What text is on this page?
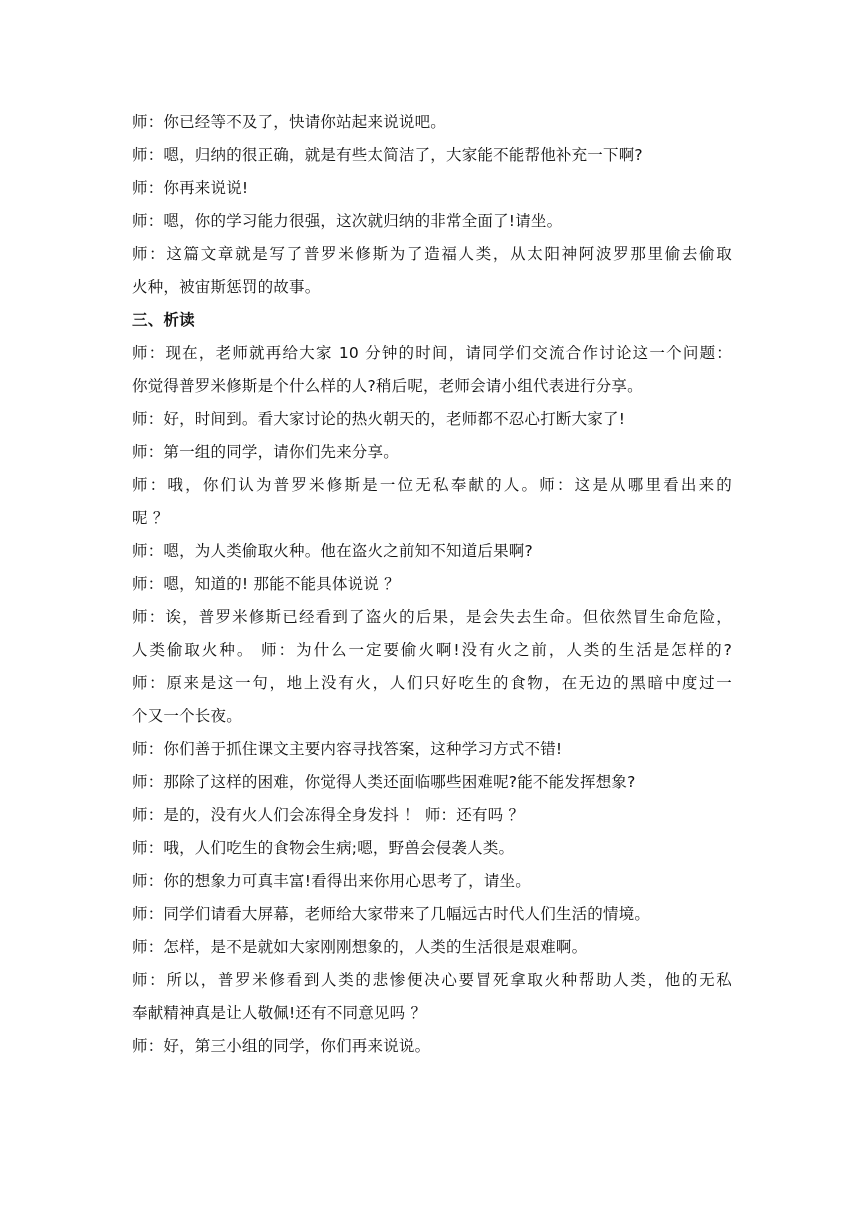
师：你已经等不及了，快请你站起来说说吧。
师：嗯，归纳的很正确，就是有些太简洁了，大家能不能帮他补充一下啊?
师：你再来说说!
师：嗯，你的学习能力很强，这次就归纳的非常全面了!请坐。
师：这篇文章就是写了普罗米修斯为了造福人类，从太阳神阿波罗那里偷去偷取
火种，被宙斯惩罚的故事。
三、析读
师：现在，老师就再给大家 10 分钟的时间，请同学们交流合作讨论这一个问题：
你觉得普罗米修斯是个什么样的人?稍后呢，老师会请小组代表进行分享。
师：好，时间到。看大家讨论的热火朝天的，老师都不忍心打断大家了!
师：第一组的同学，请你们先来分享。
师：哦，你们认为普罗米修斯是一位无私奉献的人。师：这是从哪里看出来的
呢 ？
师：嗯，为人类偷取火种。他在盗火之前知不知道后果啊?
师：嗯，知道的! 那能不能具体说说 ？
师：诶，普罗米修斯已经看到了盗火的后果，是会失去生命。但依然冒生命危险，
人类偷取火种。 师：为什么一定要偷火啊!没有火之前，人类的生活是怎样的?
师：原来是这一句，地上没有火，人们只好吃生的食物，在无边的黑暗中度过一
个又一个长夜。
师：你们善于抓住课文主要内容寻找答案，这种学习方式不错!
师：那除了这样的困难，你觉得人类还面临哪些困难呢?能不能发挥想象?
师：是的，没有火人们会冻得全身发抖 ！ 师：还有吗 ？
师：哦，人们吃生的食物会生病;嗯，野兽会侵袭人类。
师：你的想象力可真丰富!看得出来你用心思考了，请坐。
师：同学们请看大屏幕，老师给大家带来了几幅远古时代人们生活的情境。
师：怎样，是不是就如大家刚刚想象的，人类的生活很是艰难啊。
师：所以，普罗米修看到人类的悲惨便决心要冒死拿取火种帮助人类，他的无私
奉献精神真是让人敬佩!还有不同意见吗 ？
师：好，第三小组的同学，你们再来说说。
